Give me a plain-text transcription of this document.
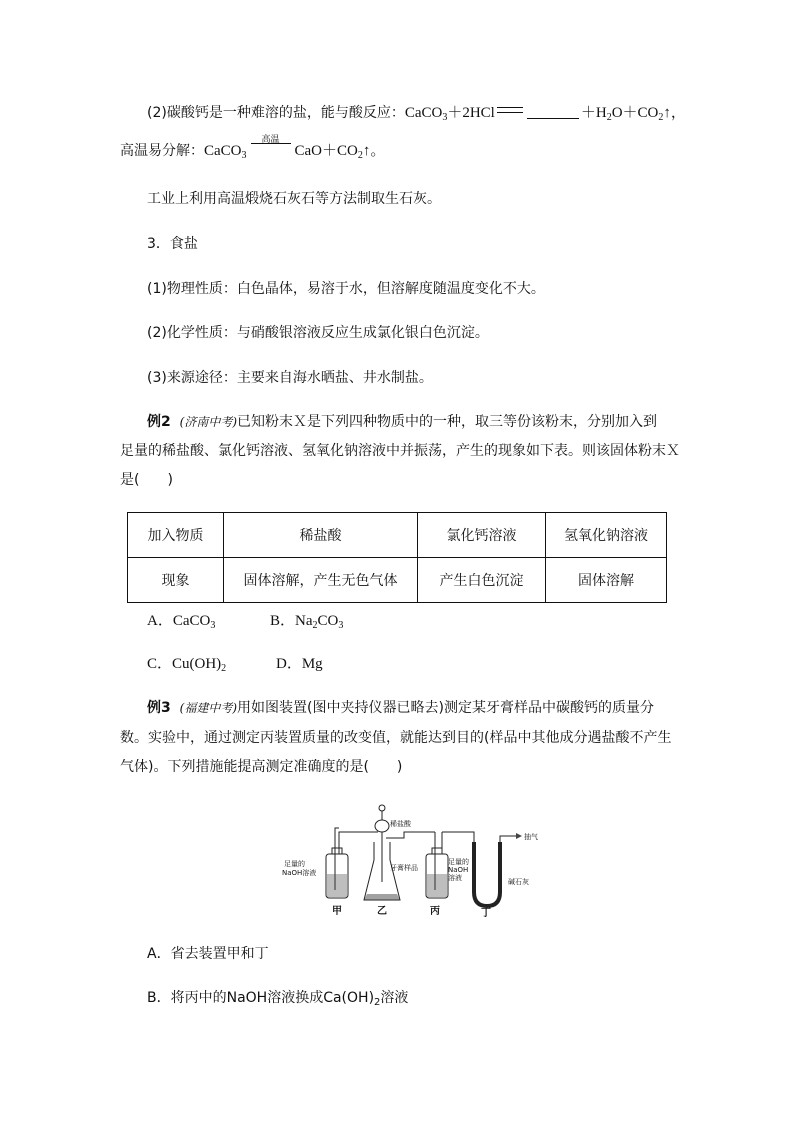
(2)碳酸钙是一种难溶的盐，能与酸反应：CaCO$_3$＋2HCl	$+H_2O+CO_2↑$，
高温易分解：CaCO$_3$
高温
$CaO+CO_2↑$。
工业上利用高温煅烧石灰石等方法制取生石灰。
3．食盐
(1)物理性质：白色晶体，易溶于水，但溶解度随温度变化不大。
(2)化学性质：与硝酸银溶液反应生成氯化银白色沉淀。
(3)来源途径：主要来自海水晒盐、井水制盐。
例2 (济南中考)已知粉末Ｘ是下列四种物质中的一种，取三等份该粉末，分别加入到
足量的稀盐酸、氯化钙溶液、氢氧化钠溶液中并振荡，产生的现象如下表。则该固体粉末Ｘ
是(　　)
加入物质	稀盐酸	氯化钙溶液	氢氧化钠溶液
现象	固体溶解，产生无色气体	产生白色沉淀	固体溶解
A．CaCO$_3$	B．$Na_2CO_3$
C．$Cu(OH)_2$	D．Mg
例3 (福建中考)用如图装置(图中夹持仪器已略去)测定某牙膏样品中碳酸钙的质量分
数。实验中，通过测定丙装置质量的改变值，就能达到目的(样品中其他成分遇盐酸不产生
气体)。下列措施能提高测定准确度的是(　　)
稀盐酸
牙膏样品
足量的
NaOH溶液
足量的
NaOH
溶液
抽气
碱石灰
甲	乙	丙	丁
A．省去装置甲和丁
B．将丙中的NaOH溶液换成$Ca(OH)_2$溶液
